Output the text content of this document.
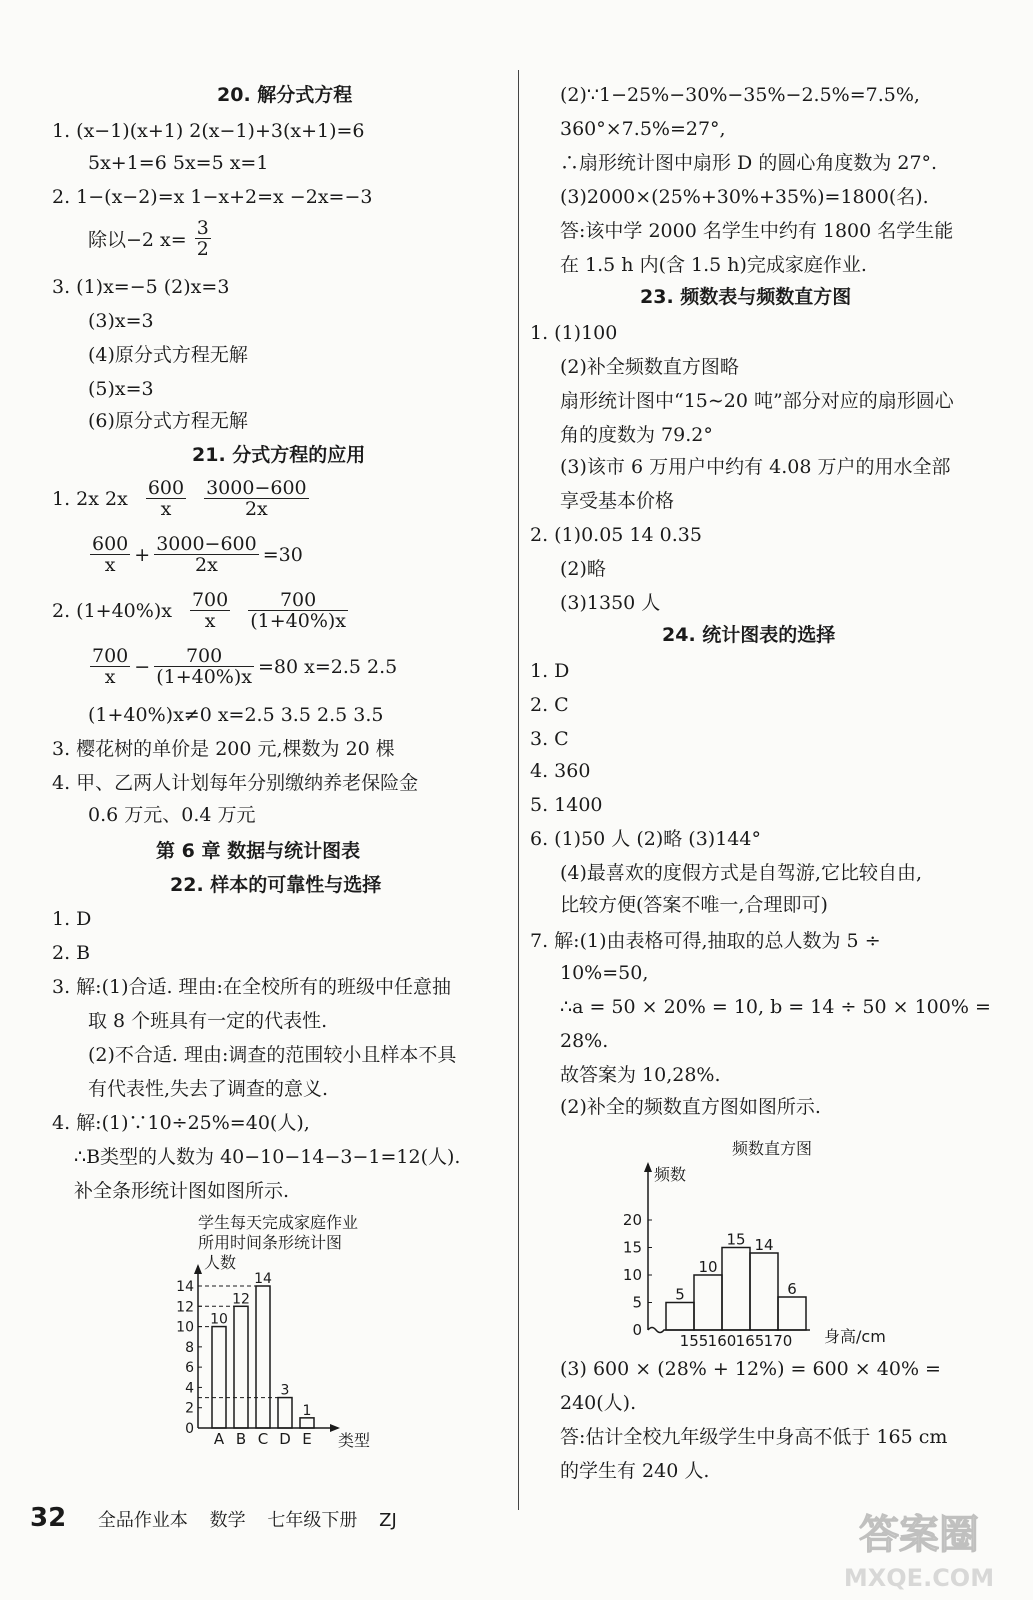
20. 解分式方程
1. (x−1)(x+1) 2(x−1)+3(x+1)=6
5x+1=6 5x=5 x=1
2. 1−(x−2)=x 1−x+2=x −2x=−3
除以−2 $x= \frac{3}{2}$
3. (1)x=−5 (2)x=3
(3)x=3
(4)原分式方程无解
(5)x=3
(6)原分式方程无解
21. 分式方程的应用
1. 2x $2x \frac{600}{x} \frac{3000-600}{2x}$
$\frac{600}{x} + \frac{3000-600}{2x} =30$
2. $(1+40\%)x \frac{700}{x} \frac{700}{(1+40\%)x}$
$\frac{700}{x} - \frac{700}{(1+40\%)x} =80$ x=2.5 2.5
(1+40%)x≠0 x=2.5 3.5 2.5 3.5
3. 樱花树的单价是 200 元,棵数为 20 棵
4. 甲、乙两人计划每年分别缴纳养老保险金
0.6 万元、0.4 万元
第 6 章 数据与统计图表
22. 样本的可靠性与选择
1. D
2. B
3. 解:(1)合适. 理由:在全校所有的班级中任意抽
取 8 个班具有一定的代表性.
(2)不合适. 理由:调查的范围较小且样本不具
有代表性,失去了调查的意义.
4. 解:(1)∵10÷25%=40(人),
∴B类型的人数为 40−10−14−3−1=12(人).
补全条形统计图如图所示.
学生每天完成家庭作业
所用时间条形统计图
人数
类型
0
2
4
6
8
10
12
14
10
A
12
B
14
C
3
D
1
E
(2)∵1−25%−30%−35%−2.5%=7.5%,
360°×7.5%=27°,
∴扇形统计图中扇形 D 的圆心角度数为 27°.
(3)2000×(25%+30%+35%)=1800(名).
答:该中学 2000 名学生中约有 1800 名学生能
在 1.5 h 内(含 1.5 h)完成家庭作业.
23. 频数表与频数直方图
1. (1)100
(2)补全频数直方图略
扇形统计图中“15∼20 吨”部分对应的扇形圆心
角的度数为 79.2°
(3)该市 6 万用户中约有 4.08 万户的用水全部
享受基本价格
2. (1)0.05 14 0.35
(2)略
(3)1350 人
24. 统计图表的选择
1. D
2. C
3. C
4. 360
5. 1400
6. (1)50 人 (2)略 (3)144°
(4)最喜欢的度假方式是自驾游,它比较自由,
比较方便(答案不唯一,合理即可)
7. 解:(1)由表格可得,抽取的总人数为 5 ÷
10%=50,
∴a = 50 × 20% = 10, b = 14 ÷ 50 × 100% =
28%.
故答案为 10,28%.
(2)补全的频数直方图如图所示.
(3) 600 × (28% + 12%) = 600 × 40% =
240(人).
答:估计全校九年级学生中身高不低于 165 cm
的学生有 240 人.
频数直方图
频数
身高/cm
0
5
10
15
20
155 160 165 170
5
10
15 14
6
32 全品作业本 数学 七年级下册 ZJ	答案圈
MXQE.COM
